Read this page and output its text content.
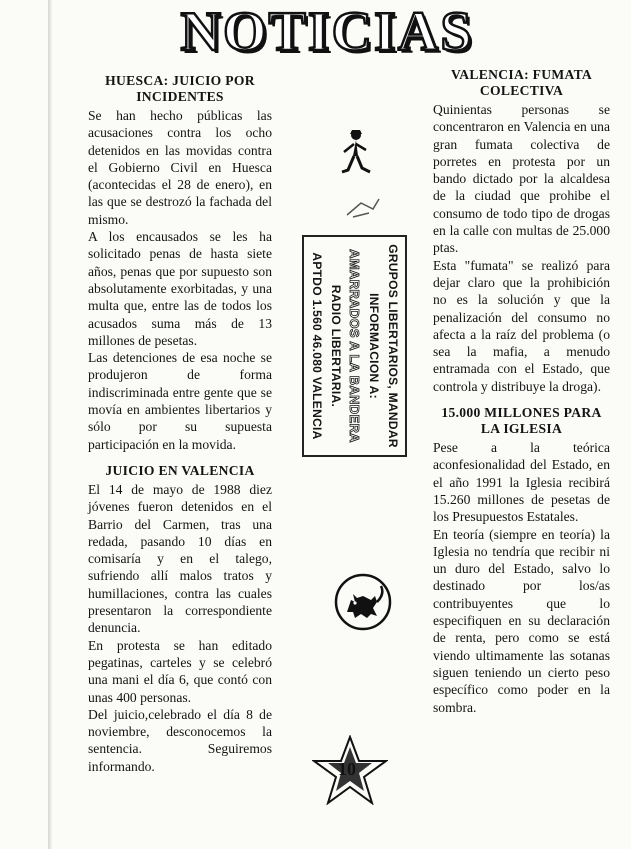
NOTICIAS
HUESCA: JUICIO POR INCIDENTES

Se han hecho públicas las acusaciones contra los ocho detenidos en las movidas contra el Gobierno Civil en Huesca (acontecidas el 28 de enero), en las que se destrozó la fachada del mismo.

A los encausados se les ha solicitado penas de hasta siete años, penas que por supuesto son absolutamente exorbitadas, y una multa que, entre las de todos los acusados suma más de 13 millones de pesetas.

Las detenciones de esa noche se produjeron de forma indiscriminada entre gente que se movía en ambientes libertarios y sólo por su supuesta participación en la movida.

JUICIO EN VALENCIA

El 14 de mayo de 1988 diez jóvenes fueron detenidos en el Barrio del Carmen, tras una redada, pasando 10 días en comisaría y en el talego, sufriendo allí malos tratos y humillaciones, contra las cuales presentaron la correspondiente denuncia.

En protesta se han editado pegatinas, carteles y se celebró una mani el día 6, que contó con unas 400 personas.

Del juicio,celebrado el día 8 de noviembre, desconocemos la sentencia. Seguiremos informando.

GRUPOS LIBERTARIOS, MANDAR
INFORMACION A:
AMARRADOS A LA BANDERA
RADIO LIBERTARIA.
APTDO 1.560 46.080 VALENCIA
10
VALENCIA: FUMATA COLECTIVA

Quinientas personas se concentraron en Valencia en una gran fumata colectiva de porretes en protesta por un bando dictado por la alcaldesa de la ciudad que prohibe el consumo de todo tipo de drogas en la calle con multas de 25.000 ptas.

Esta "fumata" se realizó para dejar claro que la prohibición no es la solución y que la penalización del consumo no afecta a la raíz del problema (o sea la mafia, a menudo entramada con el Estado, que controla y distribuye la droga).

15.000 MILLONES PARA LA IGLESIA

Pese a la teórica aconfesionalidad del Estado, en el año 1991 la Iglesia recibirá 15.260 millones de pesetas de los Presupuestos Estatales.

En teoría (siempre en teoría) la Iglesia no tendría que recibir ni un duro del Estado, salvo lo destinado por los/as contribuyentes que lo especifiquen en su declaración de renta, pero como se está viendo ultimamente las sotanas siguen teniendo un cierto peso específico como poder en la sombra.
